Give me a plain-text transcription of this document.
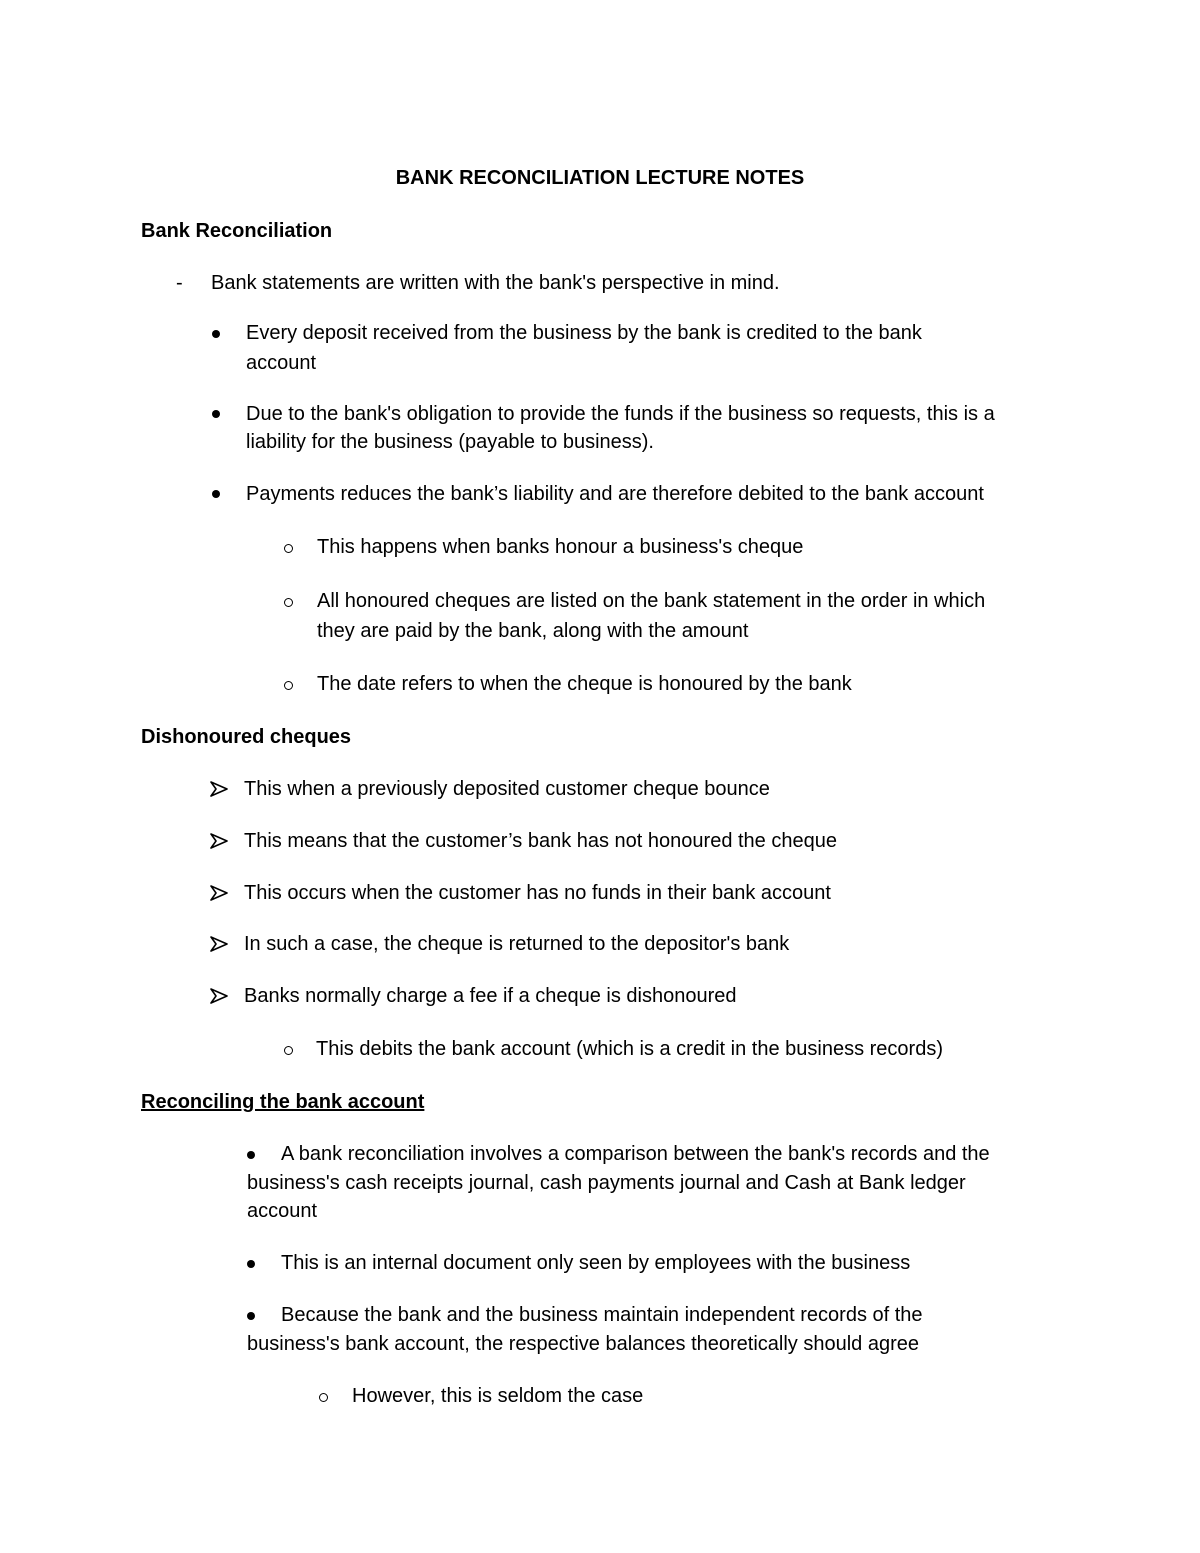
BANK RECONCILIATION LECTURE NOTES
Bank Reconciliation
- Bank statements are written with the bank's perspective in mind.
Every deposit received from the business by the bank is credited to the bank
account
Due to the bank's obligation to provide the funds if the business so requests, this is a
liability for the business (payable to business).
Payments reduces the bank’s liability and are therefore debited to the bank account
This happens when banks honour a business's cheque
All honoured cheques are listed on the bank statement in the order in which
they are paid by the bank, along with the amount
The date refers to when the cheque is honoured by the bank
Dishonoured cheques
This when a previously deposited customer cheque bounce
This means that the customer’s bank has not honoured the cheque
This occurs when the customer has no funds in their bank account
In such a case, the cheque is returned to the depositor's bank
Banks normally charge a fee if a cheque is dishonoured
This debits the bank account (which is a credit in the business records)
Reconciling the bank account
A bank reconciliation involves a comparison between the bank's records and the
business's cash receipts journal, cash payments journal and Cash at Bank ledger
account
This is an internal document only seen by employees with the business
Because the bank and the business maintain independent records of the
business's bank account, the respective balances theoretically should agree
However, this is seldom the case
